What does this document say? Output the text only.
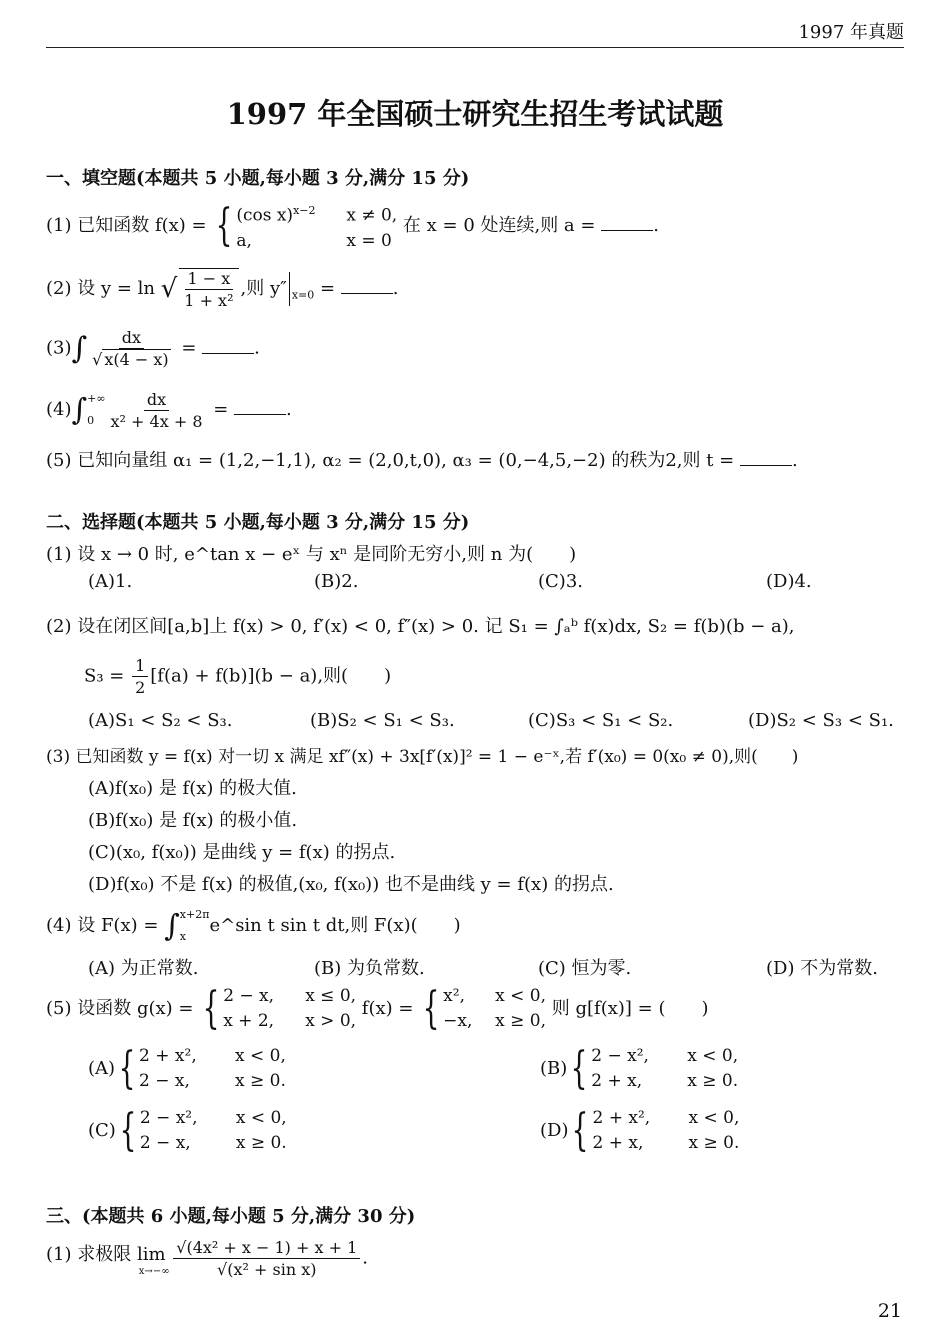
1997 年真题
1997 年全国硕士研究生招生考试试题
一、填空题(本题共 5 小题,每小题 3 分,满分 15 分)
(1) 已知函数 f(x) = { (cos x)$^{x-2}$ x ≠ 0,
a,	x = 0
在 x = 0 处连续,则 a =	.
(2) 设 y = ln √ $\frac{1 - x}{\text{1 + x²}}$ ,则 y″ $_{x=0}$ =	.
$(3)\int \frac{dx}{√ x(4 - x)}$ =	.
(4)∫ +∞
$0 \frac{dx}{\text{x² + 4x + 8}}$ =	.
(5) 已知向量组 α₁ = (1,2,−1,1), α₂ = (2,0,t,0), α₃ = (0,−4,5,−2) 的秩为2,则 t =	.
二、选择题(本题共 5 小题,每小题 3 分,满分 15 分)
(1) 设 x → 0 时, e^tan x − eˣ 与 xⁿ 是同阶无穷小,则 n 为(　　)
(A)1.	(B)2.	(C)3.	(D)4.
(2) 设在闭区间[a,b]上 f(x) > 0, f′(x) < 0, f″(x) > 0. 记 S₁ = ∫ₐᵇ f(x)dx, S₂ = f(b)(b − a),
$S_3 = \frac{1}{2} [f(a) + f(b)](b - a)$,则(　　)
(A)S₁ < S₂ < S₃.	(B)S₂ < S₁ < S₃.	(C)S₃ < S₁ < S₂.	(D)S₂ < S₃ < S₁.
(3) 已知函数 y = f(x) 对一切 x 满足 xf″(x) + 3x[f′(x)]² = 1 − e⁻ˣ,若 f′(x₀) = 0(x₀ ≠ 0),则(　　)
(A)f(x₀) 是 f(x) 的极大值.
(B)f(x₀) 是 f(x) 的极小值.
(C)(x₀, f(x₀)) 是曲线 y = f(x) 的拐点.
(D)f(x₀) 不是 f(x) 的极值,(x₀, f(x₀)) 也不是曲线 y = f(x) 的拐点.
(4) 设 F(x) = ∫ x+2π
x
e^sin t sin t dt,则 F(x)(　　)
(A) 为正常数.	(B) 为负常数.	(C) 恒为零.	(D) 不为常数.
(5) 设函数 g(x) = { 2 − x, x ≤ 0,
x + 2, x > 0,
f(x) = { x², x < 0,
−x, x ≥ 0,
则 g[f(x)] = (　　)
(A) { 2 + x², x < 0,
2 − x,	x ≥ 0.
(B) { 2 − x², x < 0,
2 + x,	x ≥ 0.
(C) { 2 − x², x < 0,
2 − x,	x ≥ 0.
(D) { 2 + x², x < 0,
2 + x,	x ≥ 0.
三、(本题共 6 小题,每小题 5 分,满分 30 分)
(1) 求极限 lim
x→−∞
$\frac{\text{√(4x² + x − 1) + x + 1}}{\text{√(x² + sin x)}}$ .
21
